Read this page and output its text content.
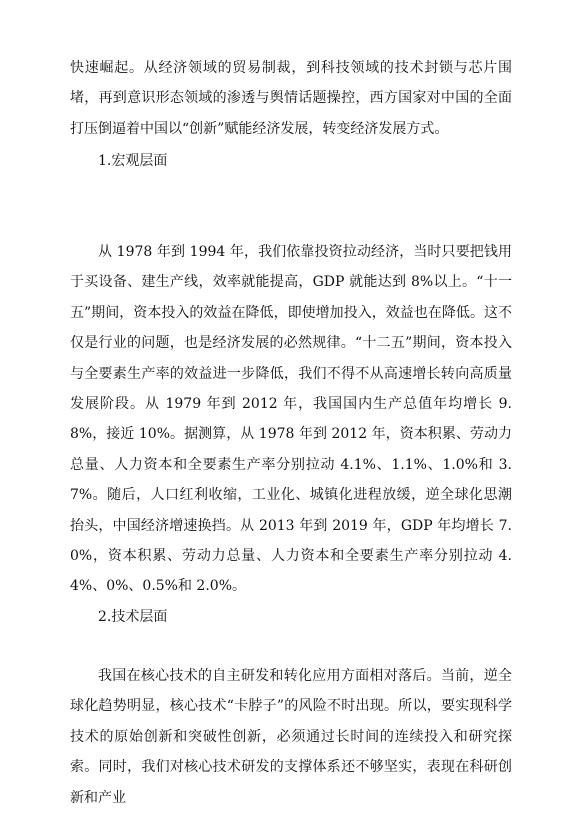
快速崛起。从经济领域的贸易制裁，到科技领域的技术封锁与芯片围堵，再到意识形态领域的渗透与舆情话题操控，西方国家对中国的全面打压倒逼着中国以“创新”赋能经济发展，转变经济发展方式。

1.宏观层面

从 1978 年到 1994 年，我们依靠投资拉动经济，当时只要把钱用于买设备、建生产线，效率就能提高，GDP 就能达到 8%以上。“十一五”期间，资本投入的效益在降低，即使增加投入，效益也在降低。这不仅是行业的问题，也是经济发展的必然规律。“十二五”期间，资本投入与全要素生产率的效益进一步降低，我们不得不从高速增长转向高质量发展阶段。从 1979 年到 2012 年，我国国内生产总值年均增长 9.8%，接近 10%。据测算，从 1978 年到 2012 年，资本积累、劳动力总量、人力资本和全要素生产率分别拉动 4.1%、1.1%、1.0%和 3.7%。随后，人口红利收缩，工业化、城镇化进程放缓，逆全球化思潮抬头，中国经济增速换挡。从 2013 年到 2019 年，GDP 年均增长 7.0%，资本积累、劳动力总量、人力资本和全要素生产率分别拉动 4.4%、0%、0.5%和 2.0%。

2.技术层面

我国在核心技术的自主研发和转化应用方面相对落后。当前，逆全球化趋势明显，核心技术“卡脖子”的风险不时出现。所以，要实现科学技术的原始创新和突破性创新，必须通过长时间的连续投入和研究探索。同时，我们对核心技术研发的支撑体系还不够坚实，表现在科研创新和产业
